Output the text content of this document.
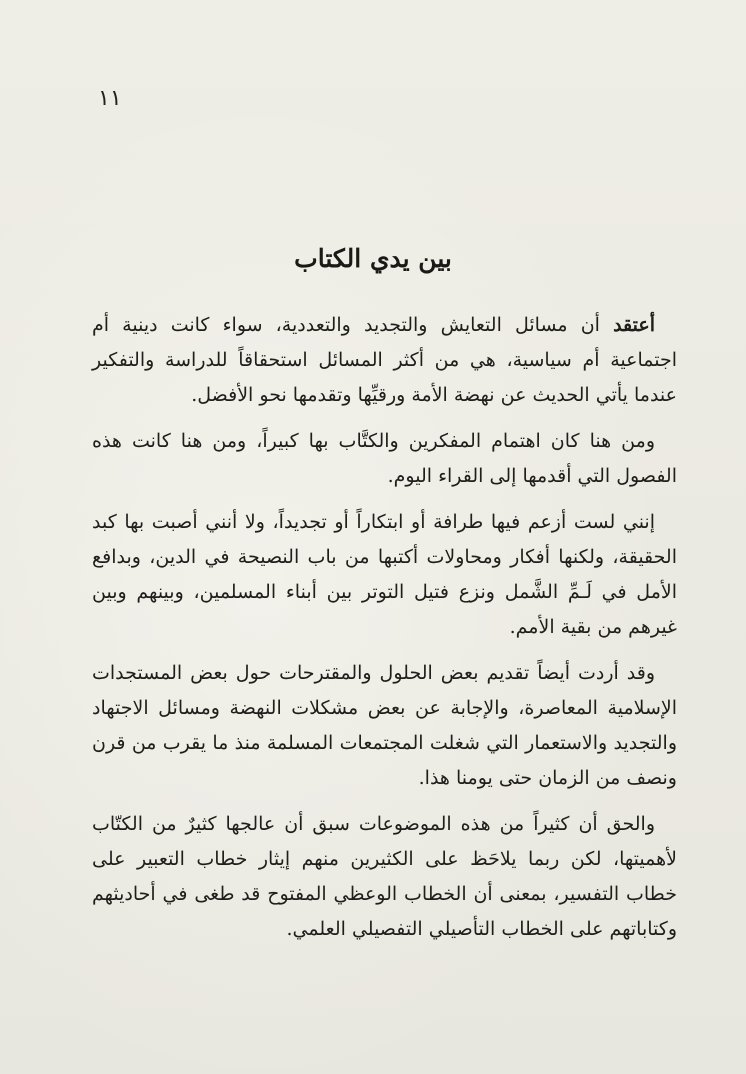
١١
بين يدي الكتاب

أعتقد أن مسائل التعايش والتجديد والتعددية، سواء كانت دينية أم اجتماعية أم سياسية، هي من أكثر المسائل استحقاقاً للدراسة والتفكير عندما يأتي الحديث عن نهضة الأمة ورقيِّها وتقدمها نحو الأفضل.

ومن هنا كان اهتمام المفكرين والكتَّاب بها كبيراً، ومن هنا كانت هذه الفصول التي أقدمها إلى القراء اليوم.

إنني لست أزعم فيها طرافة أو ابتكاراً أو تجديداً، ولا أنني أصبت بها كبد الحقيقة، ولكنها أفكار ومحاولات أكتبها من باب النصيحة في الدين، وبدافع الأمل في لَـمِّ الشَّمل ونزع فتيل التوتر بين أبناء المسلمين، وبينهم وبين غيرهم من بقية الأمم.

وقد أردت أيضاً تقديم بعض الحلول والمقترحات حول بعض المستجدات الإسلامية المعاصرة، والإجابة عن بعض مشكلات النهضة ومسائل الاجتهاد والتجديد والاستعمار التي شغلت المجتمعات المسلمة منذ ما يقرب من قرن ونصف من الزمان حتى يومنا هذا.

والحق أن كثيراً من هذه الموضوعات سبق أن عالجها كثيرٌ من الكتّاب لأهميتها، لكن ربما يلاحَظ على الكثيرين منهم إيثار خطاب التعبير على خطاب التفسير، بمعنى أن الخطاب الوعظي المفتوح قد طغى في أحاديثهم وكتاباتهم على الخطاب التأصيلي التفصيلي العلمي.
